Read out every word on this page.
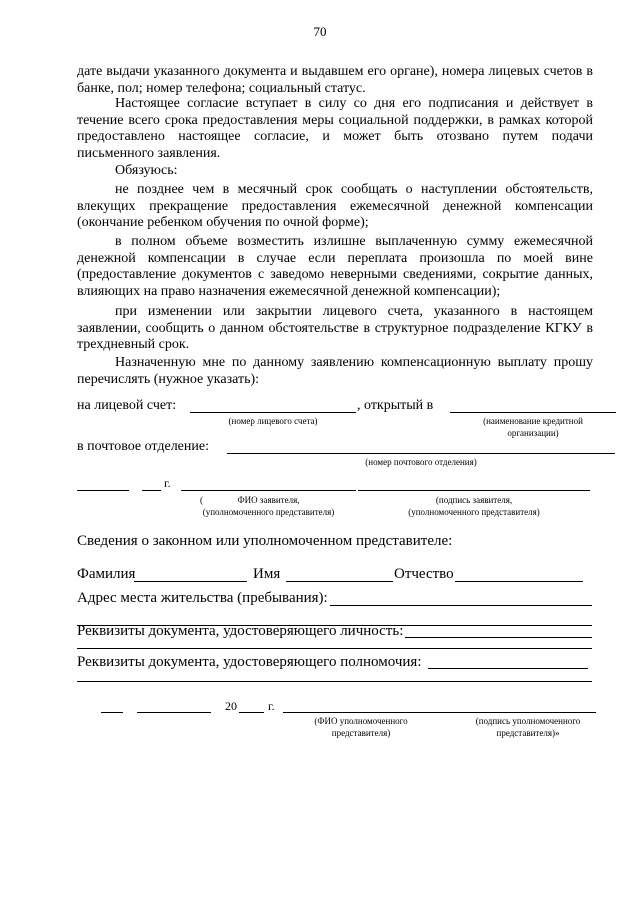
70

дате выдачи указанного документа и выдавшем его органе), номера лицевых счетов в банке, пол; номер телефона; социальный статус.

Настоящее согласие вступает в силу со дня его подписания и действует в течение всего срока предоставления меры социальной поддержки, в рамках которой предоставлено настоящее согласие, и может быть отозвано путем подачи письменного заявления.

Обязуюсь:

не позднее чем в месячный срок сообщать о наступлении обстоятельств, влекущих прекращение предоставления ежемесячной денежной компенсации (окончание ребенком обучения по очной форме);

в полном объеме возместить излишне выплаченную сумму ежемесячной денежной компенсации в случае если переплата произошла по моей вине (предоставление документов с заведомо неверными сведениями, сокрытие данных, влияющих на право назначения ежемесячной денежной компенсации);

при изменении или закрытии лицевого счета, указанного в настоящем заявлении, сообщить о данном обстоятельстве в структурное подразделение КГКУ в трехдневный срок.

Назначенную мне по данному заявлению компенсационную выплату прошу перечислять (нужное указать):

на лицевой счет:	, открытый в
(номер лицевого счета)	(наименование кредитной
организации)
в почтовое отделение:
(номер почтового отделения)
г.
(	ФИО заявителя,
(уполномоченного представителя)
(подпись заявителя,
(уполномоченного представителя)
Сведения о законном или уполномоченном представителе:
Фамилия	Имя	Отчество
Адрес места жительства (пребывания):
Реквизиты документа, удостоверяющего личность:
Реквизиты документа, удостоверяющего полномочия:
20	г.
(ФИО уполномоченного
представителя)
(подпись уполномоченного
представителя)»
